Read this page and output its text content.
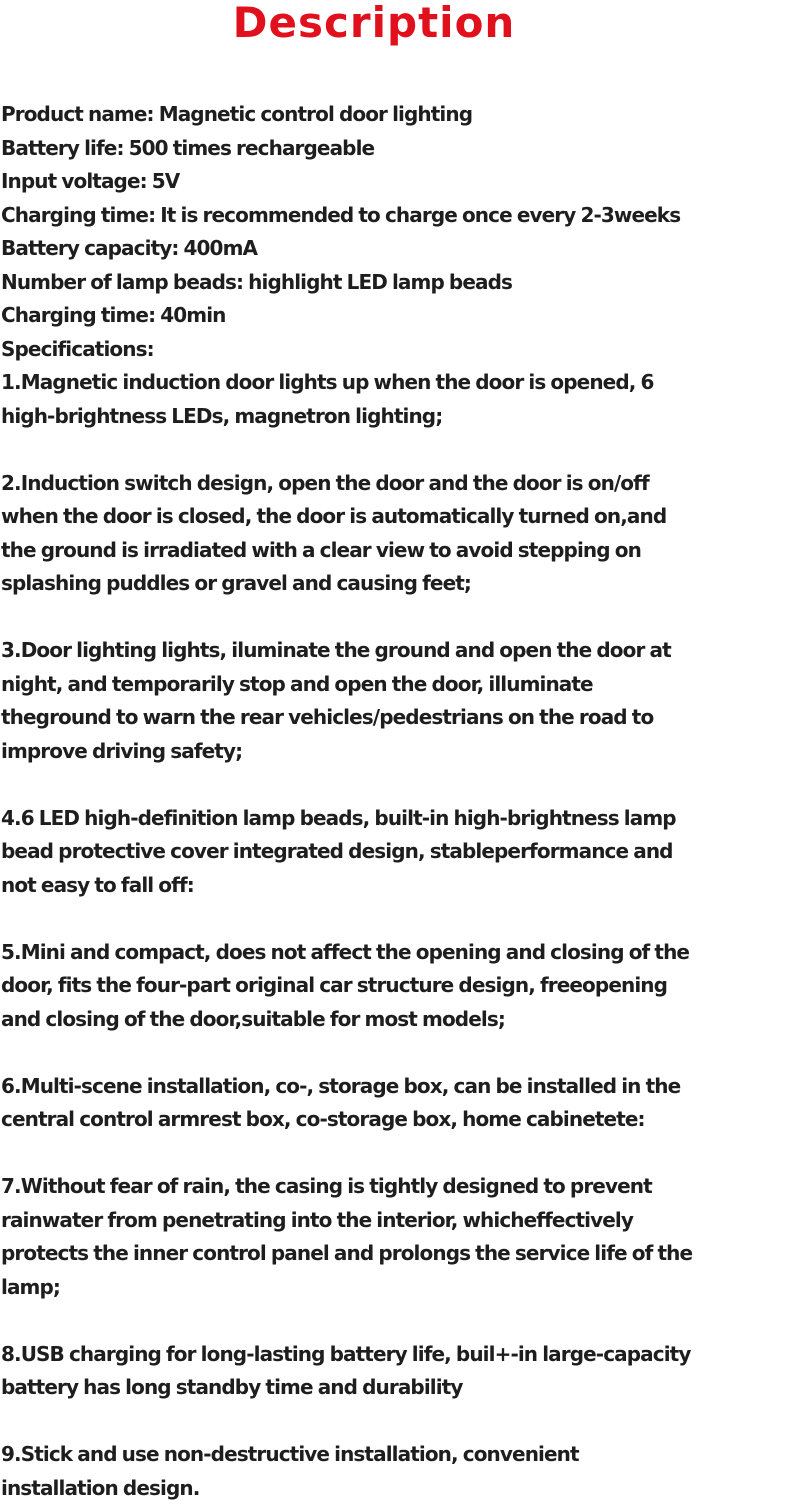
Description
Product name: Magnetic control door lighting
Battery life: 500 times rechargeable
Input voltage: 5V
Charging time: It is recommended to charge once every 2-3weeks
Battery capacity: 400mA
Number of lamp beads: highlight LED lamp beads
Charging time: 40min
Specifications:
1.Magnetic induction door lights up when the door is opened, 6
high-brightness LEDs, magnetron lighting;
2.Induction switch design, open the door and the door is on/off
when the door is closed, the door is automatically turned on,and
the ground is irradiated with a clear view to avoid stepping on
splashing puddles or gravel and causing feet;
3.Door lighting lights, iluminate the ground and open the door at
night, and temporarily stop and open the door, illuminate
theground to warn the rear vehicles/pedestrians on the road to
improve driving safety;
4.6 LED high-definition lamp beads, built-in high-brightness lamp
bead protective cover integrated design, stableperformance and
not easy to fall off:
5.Mini and compact, does not affect the opening and closing of the
door, fits the four-part original car structure design, freeopening
and closing of the door,suitable for most models;
6.Multi-scene installation, co-, storage box, can be installed in the
central control armrest box, co-storage box, home cabinetete:
7.Without fear of rain, the casing is tightly designed to prevent
rainwater from penetrating into the interior, whicheffectively
protects the inner control panel and prolongs the service life of the
lamp;
8.USB charging for long-lasting battery life, buil+-in large-capacity
battery has long standby time and durability
9.Stick and use non-destructive installation, convenient
installation design.
